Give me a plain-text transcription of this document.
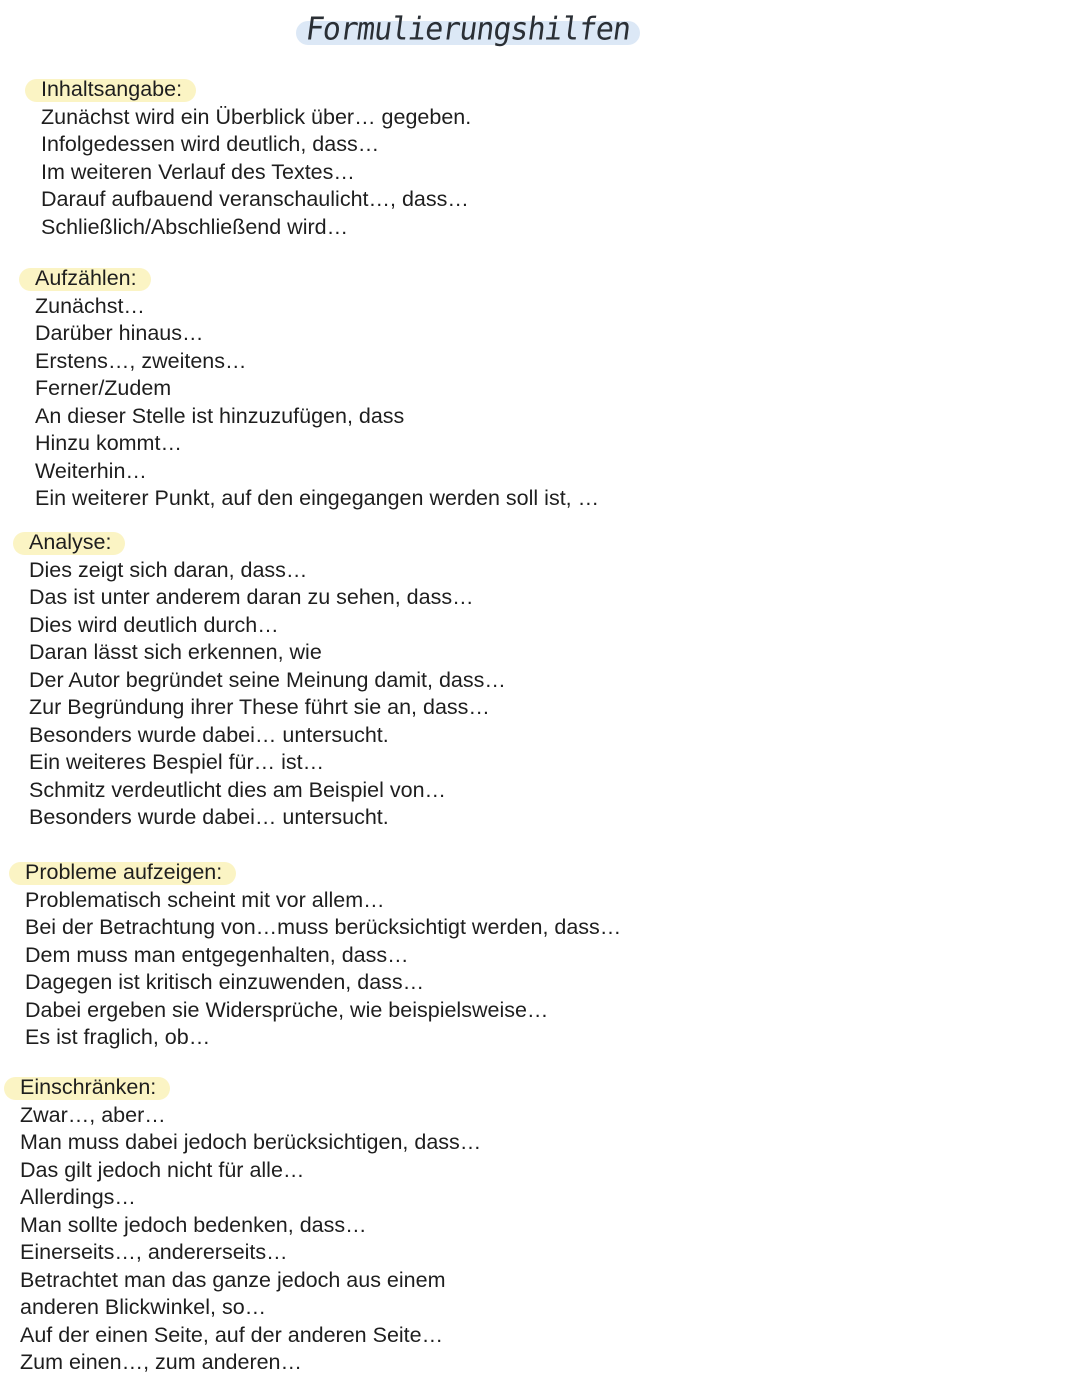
Formulierungshilfen
Inhaltsangabe:
Zunächst wird ein Überblick über… gegeben.
Infolgedessen wird deutlich, dass…
Im weiteren Verlauf des Textes…
Darauf aufbauend veranschaulicht…, dass…
Schließlich/Abschließend wird…
Aufzählen:
Zunächst…
Darüber hinaus…
Erstens…, zweitens…
Ferner/Zudem
An dieser Stelle ist hinzuzufügen, dass
Hinzu kommt…
Weiterhin…
Ein weiterer Punkt, auf den eingegangen werden soll ist, …
Analyse:
Dies zeigt sich daran, dass…
Das ist unter anderem daran zu sehen, dass…
Dies wird deutlich durch…
Daran lässt sich erkennen, wie
Der Autor begründet seine Meinung damit, dass…
Zur Begründung ihrer These führt sie an, dass…
Besonders wurde dabei… untersucht.
Ein weiteres Bespiel für… ist…
Schmitz verdeutlicht dies am Beispiel von…
Besonders wurde dabei… untersucht.
Probleme aufzeigen:
Problematisch scheint mit vor allem…
Bei der Betrachtung von…muss berücksichtigt werden, dass…
Dem muss man entgegenhalten, dass…
Dagegen ist kritisch einzuwenden, dass…
Dabei ergeben sie Widersprüche, wie beispielsweise…
Es ist fraglich, ob…
Einschränken:
Zwar…, aber…
Man muss dabei jedoch berücksichtigen, dass…
Das gilt jedoch nicht für alle…
Allerdings…
Man sollte jedoch bedenken, dass…
Einerseits…, andererseits…
Betrachtet man das ganze jedoch aus einem
anderen Blickwinkel, so…
Auf der einen Seite, auf der anderen Seite…
Zum einen…, zum anderen…
